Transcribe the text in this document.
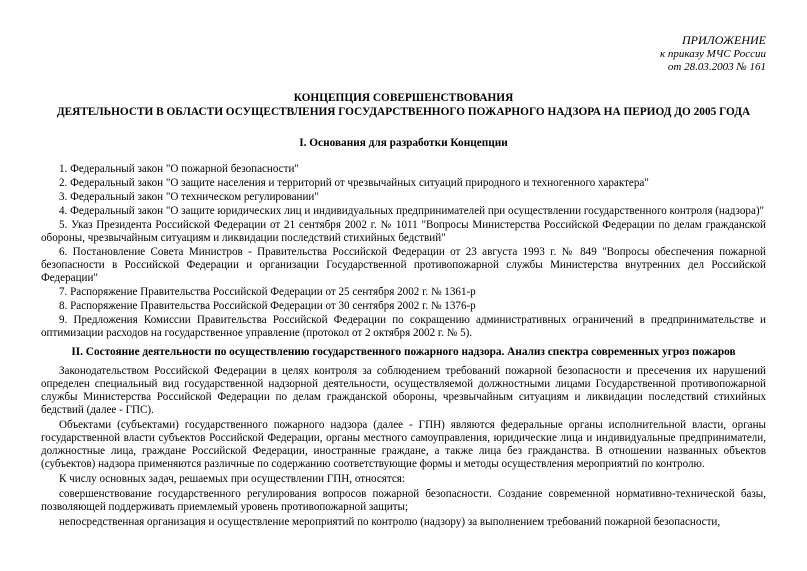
ПРИЛОЖЕНИЕ
к приказу МЧС России
от 28.03.2003 № 161
КОНЦЕПЦИЯ СОВЕРШЕНСТВОВАНИЯ
ДЕЯТЕЛЬНОСТИ В ОБЛАСТИ ОСУЩЕСТВЛЕНИЯ ГОСУДАРСТВЕННОГО ПОЖАРНОГО НАДЗОРА НА ПЕРИОД ДО 2005 ГОДА
I. Основания для разработки Концепции

1. Федеральный закон "О пожарной безопасности"

2. Федеральный закон "О защите населения и территорий от чрезвычайных ситуаций природного и техногенного характера"

3. Федеральный закон "О техническом регулировании"

4. Федеральный закон "О защите юридических лиц и индивидуальных предпринимателей при осуществлении государственного контроля (надзора)"

5. Указ Президента Российской Федерации от 21 сентября 2002 г. № 1011 "Вопросы Министерства Российской Федерации по делам гражданской обороны, чрезвычайным ситуациям и ликвидации последствий стихийных бедствий"

6. Постановление Совета Министров - Правительства Российской Федерации от 23 августа 1993 г. № 849 "Вопросы обеспечения пожарной безопасности в Российской Федерации и организации Государственной противопожарной службы Министерства внутренних дел Российской Федерации"

7. Распоряжение Правительства Российской Федерации от 25 сентября 2002 г. № 1361-р

8. Распоряжение Правительства Российской Федерации от 30 сентября 2002 г. № 1376-р

9. Предложения Комиссии Правительства Российской Федерации по сокращению административных ограничений в предпринимательстве и оптимизации расходов на государственное управление (протокол от 2 октября 2002 г. № 5).

II. Состояние деятельности по осуществлению государственного пожарного надзора. Анализ спектра современных угроз пожаров

Законодательством Российской Федерации в целях контроля за соблюдением требований пожарной безопасности и пресечения их нарушений определен специальный вид государственной надзорной деятельности, осуществляемой должностными лицами Государственной противопожарной службы Министерства Российской Федерации по делам гражданской обороны, чрезвычайным ситуациям и ликвидации последствий стихийных бедствий (далее - ГПС).

Объектами (субъектами) государственного пожарного надзора (далее - ГПН) являются федеральные органы исполнительной власти, органы государственной власти субъектов Российской Федерации, органы местного самоуправления, юридические лица и индивидуальные предприниматели, должностные лица, граждане Российской Федерации, иностранные граждане, а также лица без гражданства. В отношении названных объектов (субъектов) надзора применяются различные по содержанию соответствующие формы и методы осуществления мероприятий по контролю.

К числу основных задач, решаемых при осуществлении ГПН, относятся:

совершенствование государственного регулирования вопросов пожарной безопасности. Создание современной нормативно-технической базы, позволяющей поддерживать приемлемый уровень противопожарной защиты;

непосредственная организация и осуществление мероприятий по контролю (надзору) за выполнением требований пожарной безопасности,
